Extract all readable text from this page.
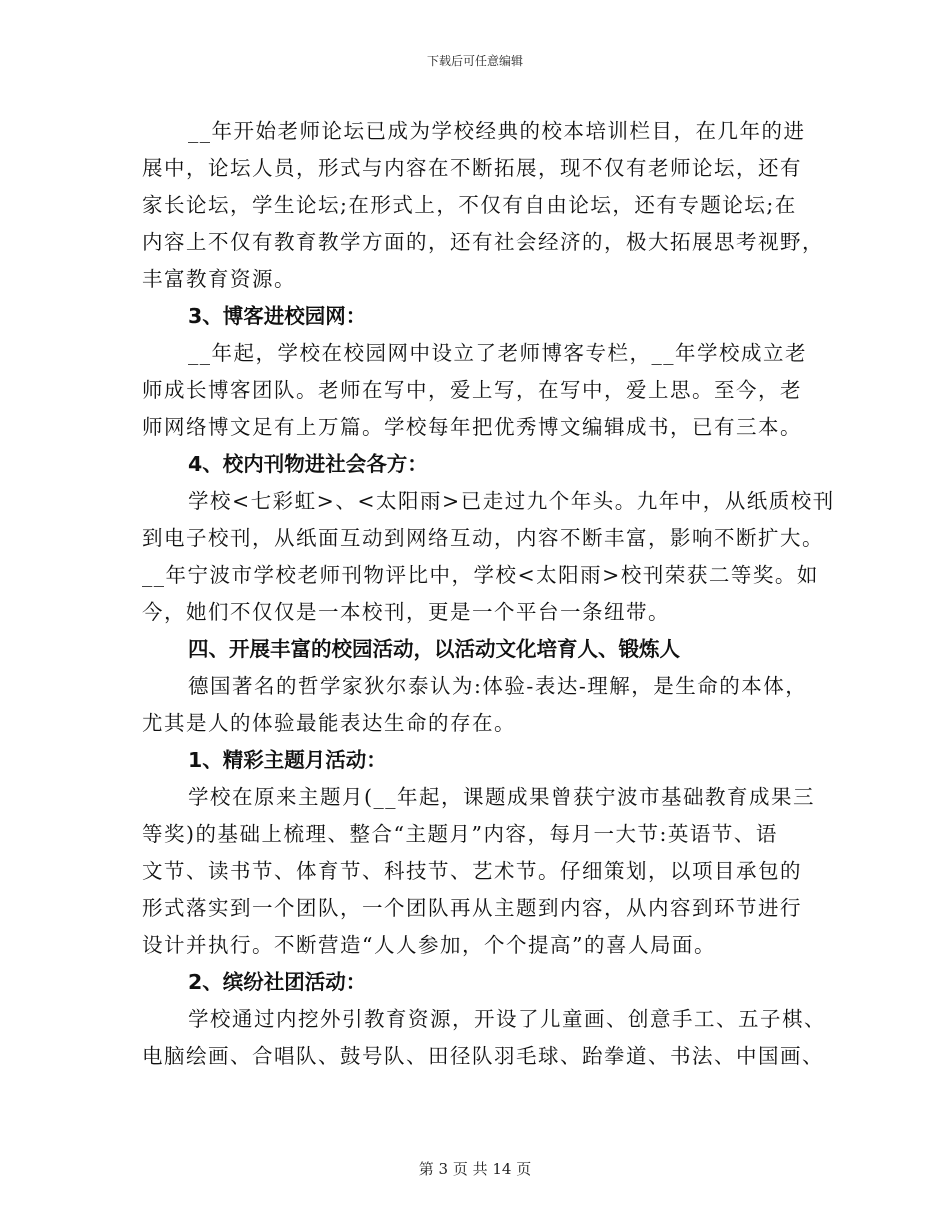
下载后可任意编辑
__年开始老师论坛已成为学校经典的校本培训栏目，在几年的进
展中，论坛人员，形式与内容在不断拓展，现不仅有老师论坛，还有
家长论坛，学生论坛;在形式上，不仅有自由论坛，还有专题论坛;在
内容上不仅有教育教学方面的，还有社会经济的，极大拓展思考视野，
丰富教育资源。
3、博客进校园网：
__年起，学校在校园网中设立了老师博客专栏，__年学校成立老
师成长博客团队。老师在写中，爱上写，在写中，爱上思。至今，老
师网络博文足有上万篇。学校每年把优秀博文编辑成书，已有三本。
4、校内刊物进社会各方：
学校<七彩虹>、<太阳雨>已走过九个年头。九年中，从纸质校刊
到电子校刊，从纸面互动到网络互动，内容不断丰富，影响不断扩大。
__年宁波市学校老师刊物评比中，学校<太阳雨>校刊荣获二等奖。如
今，她们不仅仅是一本校刊，更是一个平台一条纽带。
四、开展丰富的校园活动，以活动文化培育人、锻炼人
德国著名的哲学家狄尔泰认为:体验-表达-理解，是生命的本体，
尤其是人的体验最能表达生命的存在。
1、精彩主题月活动：
学校在原来主题月(__年起，课题成果曾获宁波市基础教育成果三
等奖)的基础上梳理、整合“主题月”内容，每月一大节:英语节、语
文节、读书节、体育节、科技节、艺术节。仔细策划，以项目承包的
形式落实到一个团队，一个团队再从主题到内容，从内容到环节进行
设计并执行。不断营造“人人参加，个个提高”的喜人局面。
2、缤纷社团活动：
学校通过内挖外引教育资源，开设了儿童画、创意手工、五子棋、
电脑绘画、合唱队、鼓号队、田径队羽毛球、跆拳道、书法、中国画、
第 3 页 共 14 页
